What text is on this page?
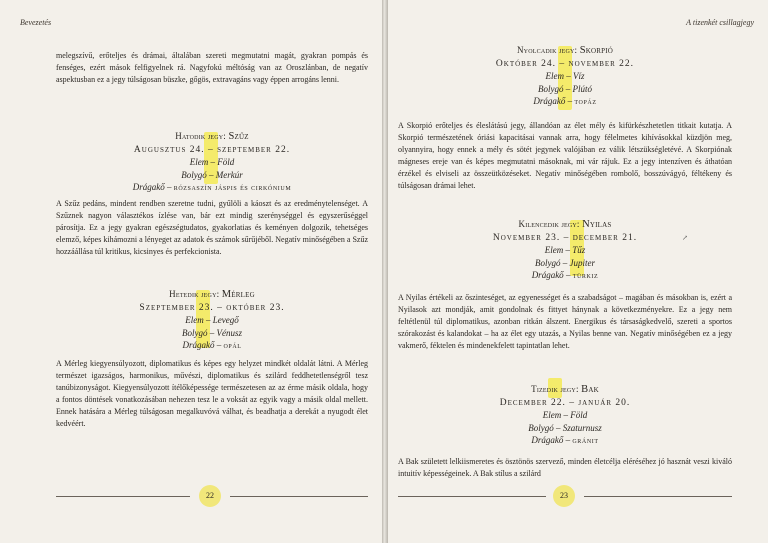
Bevezetés

melegszívű, erőteljes és drámai, általában szereti megmutatni magát, gyakran pompás és fenséges, ezért mások felfigyelnek rá. Nagyfokú méltóság van az Oroszlánban, de negatív aspektusban ez a jegy túlságosan büszke, gőgös, extravagáns vagy éppen arrogáns lenni.

Hatodik jegy: Szűz
Augusztus 24. – szeptember 22.
Elem – Föld
Bolygó – Merkúr
Drágakő – rózsaszín jáspis és cirkónium

A Szűz pedáns, mindent rendben szeretne tudni, gyűlöli a káoszt és az eredménytelenséget. A Szűznek nagyon választékos ízlése van, bár ezt mindig szerénységgel és egyszerűséggel párosítja. Ez a jegy gyakran egészségtudatos, gyakorlatias és keményen dolgozik, tehetséges elemző, képes kihámozni a lényeget az adatok és számok sűrűjéből. Negatív minőségében a Szűz hozzáállása túl kritikus, kicsinyes és perfekcionista.

Hetedik jegy: Mérleg
Szeptember 23. – október 23.
Elem – Levegő
Bolygó – Vénusz
Drágakő – opál

A Mérleg kiegyensúlyozott, diplomatikus és képes egy helyzet mindkét oldalát látni. A Mérleg természet igazságos, harmonikus, művészi, diplomatikus és szilárd feddhetetlenségről tesz tanúbizonyságot. Kiegyensúlyozott ítélőképessége természetesen az az érme másik oldala, hogy a fontos döntések vonatkozásában nehezen tesz le a voksát az egyik vagy a másik oldal mellett. Ennek hatására a Mérleg túlságosan megalkuvóvá válhat, és beadhatja a derekát a nyugodt élet kedvéért.

22
A tizenkét csillagjegy
Nyolcadik jegy: Skorpió
Október 24. – november 22.
Elem – Víz
Bolygó – Plútó
Drágakő – topáz

A Skorpió erőteljes és éleslátású jegy, állandóan az élet mély és kifürkészhetetlen titkait kutatja. A Skorpió természetének óriási kapacitásai vannak arra, hogy félelmetes kihívásokkal küzdjön meg, olyannyira, hogy ennek a mély és sötét jegynek valójában ez válik létszükségletévé. A Skorpiónak mágneses ereje van és képes megmutatni másoknak, mi vár rájuk. Ez a jegy intenzíven és áthatóan érzékel és elviseli az összeütközéseket. Negatív minőségében rombolő, bosszúvágyó, féltékeny és túlságosan drámai lehet.

Kilencedik jegy: Nyilas
November 23. – december 21.
Elem – Tűz
Bolygó – Jupiter
Drágakő – türkiz
↗

A Nyilas értékeli az őszinteséget, az egyenességet és a szabadságot – magában és másokban is, ezért a Nyilasok azt mondják, amit gondolnak és fittyet hánynak a következményekre. Ez a jegy nem feltétlenül túl diplomatikus, azonban ritkán álszent. Energikus és társaságkedvelő, szereti a sportos szórakozást és kalandokat – ha az élet egy utazás, a Nyilas benne van. Negatív minőségében ez a jegy vakmerő, féktelen és mindenekfelett tapintatlan lehet.

Tizedik jegy: Bak
December 22. – január 20.
Elem – Föld
Bolygó – Szaturnusz
Drágakő – gránit

A Bak született lelkiismeretes és ösztönös szervező, minden életcélja eléréséhez jó hasznát veszi kiváló intuitív képességeinek. A Bak stílus a szilárd

23
